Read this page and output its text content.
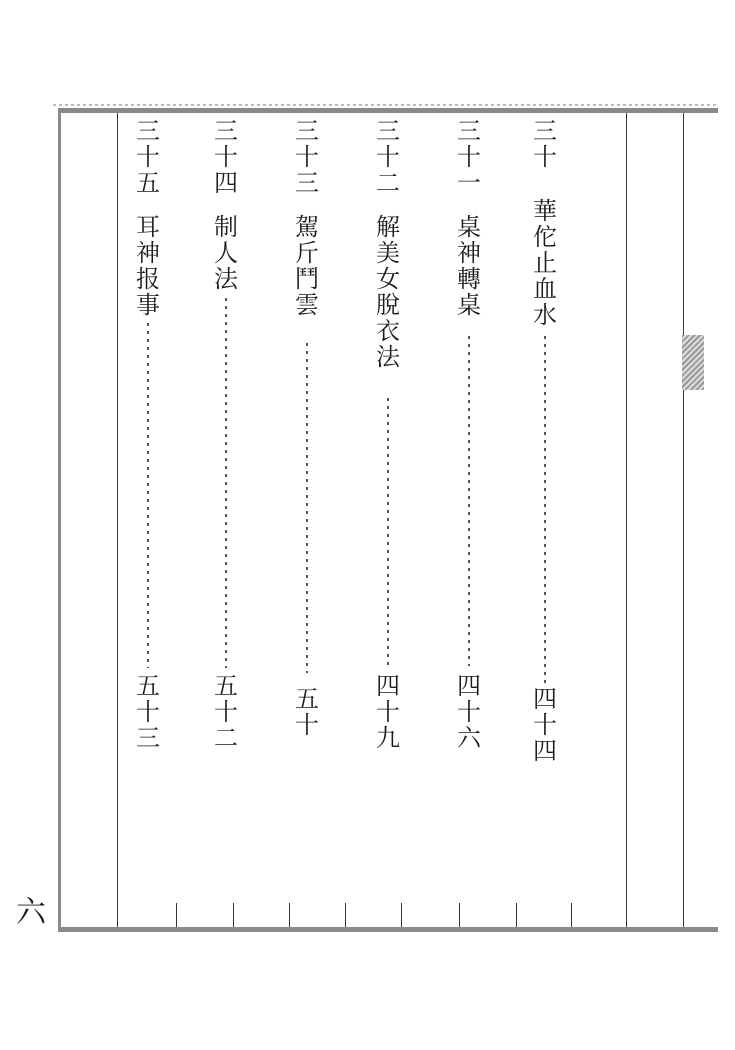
三十
華佗止血水
四十四
三十一
桌神轉桌
四十六
三十二
解美女脫衣法
四十九
三十三
駕斤鬥雲
五十
三十四
制人法
五十二
三十五
耳神报事
五十三
六
